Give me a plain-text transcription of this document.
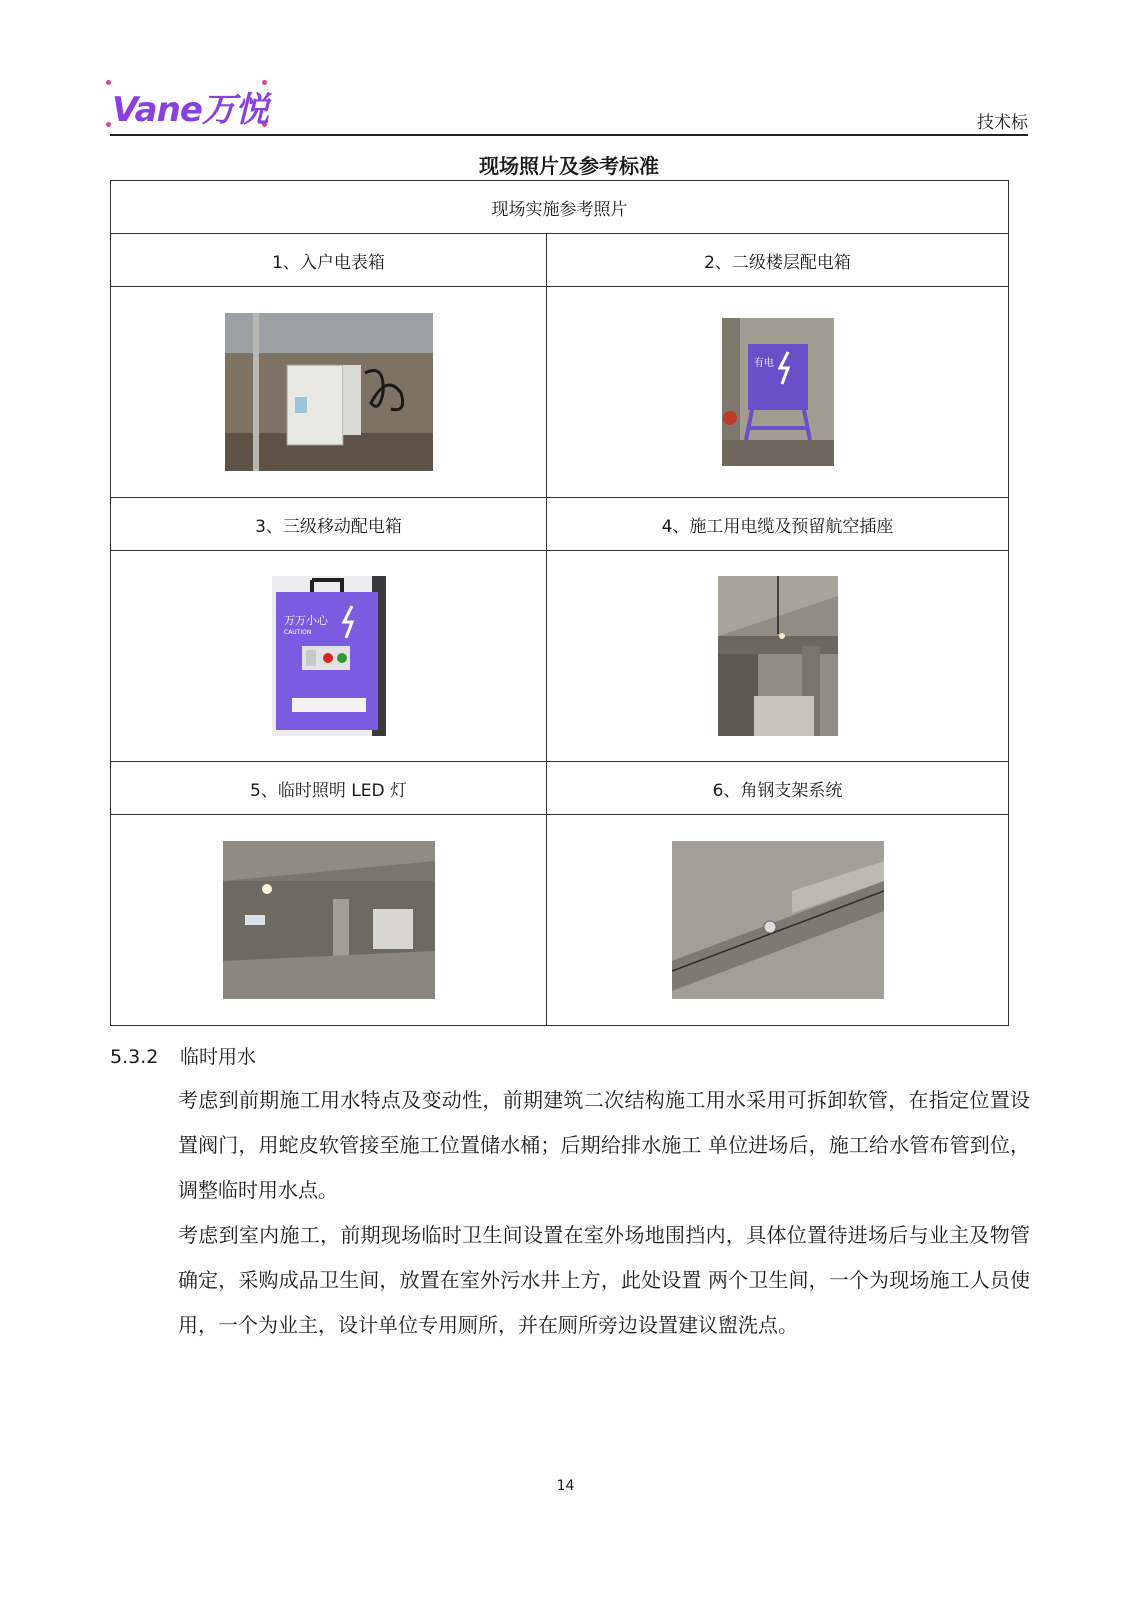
Vane万悦	技术标
现场照片及参考标准
现场实施参考照片	
1、入户电表箱	2、二级楼层配电箱

有电

3、三级移动配电箱	4、施工用电缆及预留航空插座

万万小心
CAUTION

5、临时照明 LED 灯	6、角钢支架系统

5.3.2 临时用水
考虑到前期施工用水特点及变动性，前期建筑二次结构施工用水采用可拆卸软管，在指定位置设置阀门，用蛇皮软管接至施工位置储水桶；后期给排水施工 单位进场后，施工给水管布管到位，调整临时用水点。
考虑到室内施工，前期现场临时卫生间设置在室外场地围挡内，具体位置待进场后与业主及物管确定，采购成品卫生间，放置在室外污水井上方，此处设置 两个卫生间，一个为现场施工人员使用，一个为业主，设计单位专用厕所，并在厕所旁边设置建议盥洗点。
14
